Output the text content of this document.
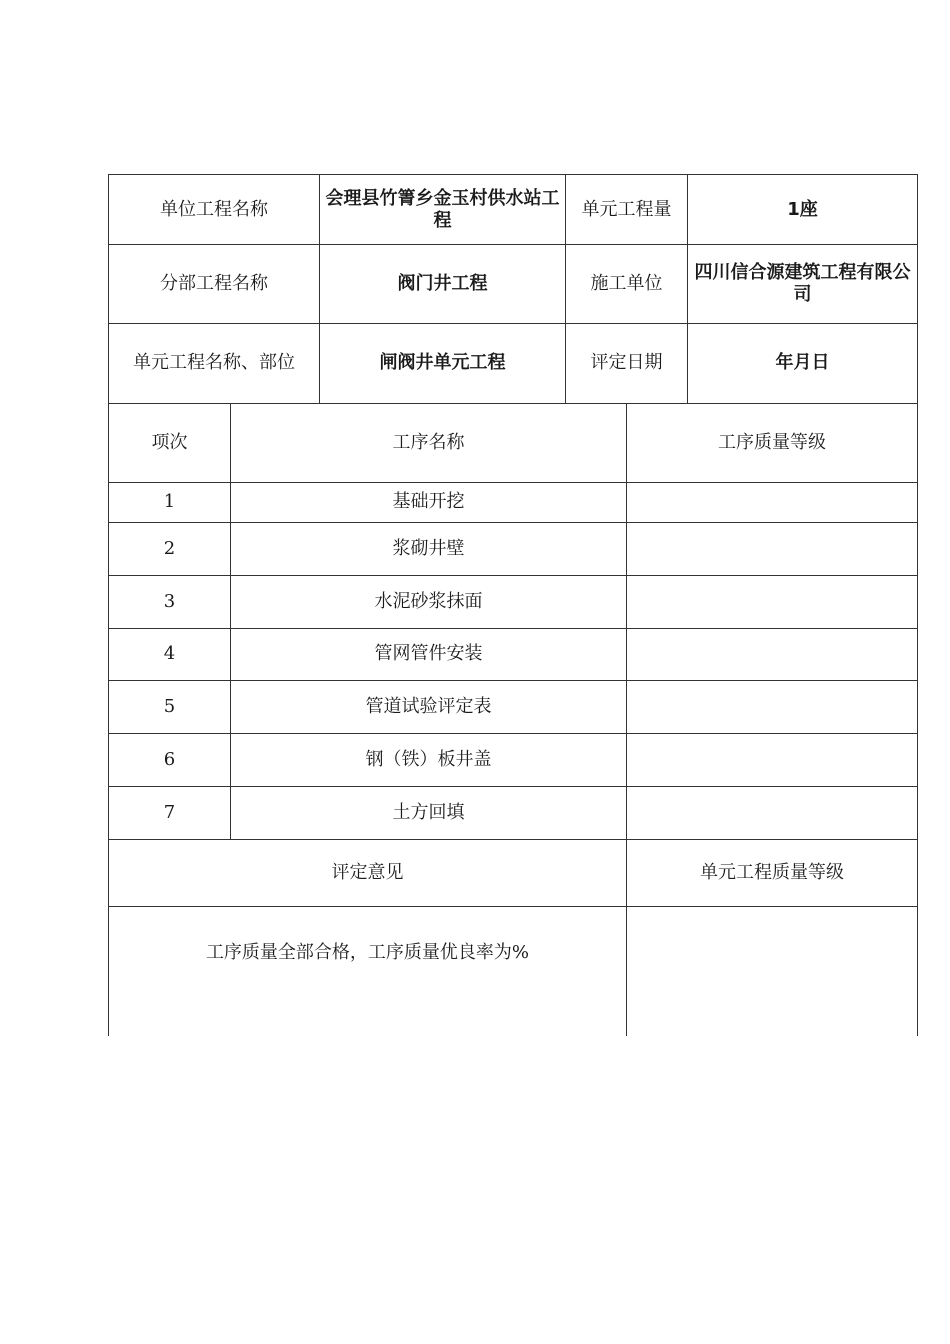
单位工程名称	会理县竹箐乡金玉村供水站工程	单元工程量	1座
分部工程名称	阀门井工程	施工单位	四川信合源建筑工程有限公司
单元工程名称、部位	闸阀井单元工程	评定日期	年月日
项次	工序名称	工序质量等级
1	基础开挖	
2	浆砌井壁	
3	水泥砂浆抹面	
4	管网管件安装	
5	管道试验评定表	
6	钢（铁）板井盖	
7	土方回填	
评定意见		单元工程质量等级

工序质量全部合格，工序质量优良率为%		
